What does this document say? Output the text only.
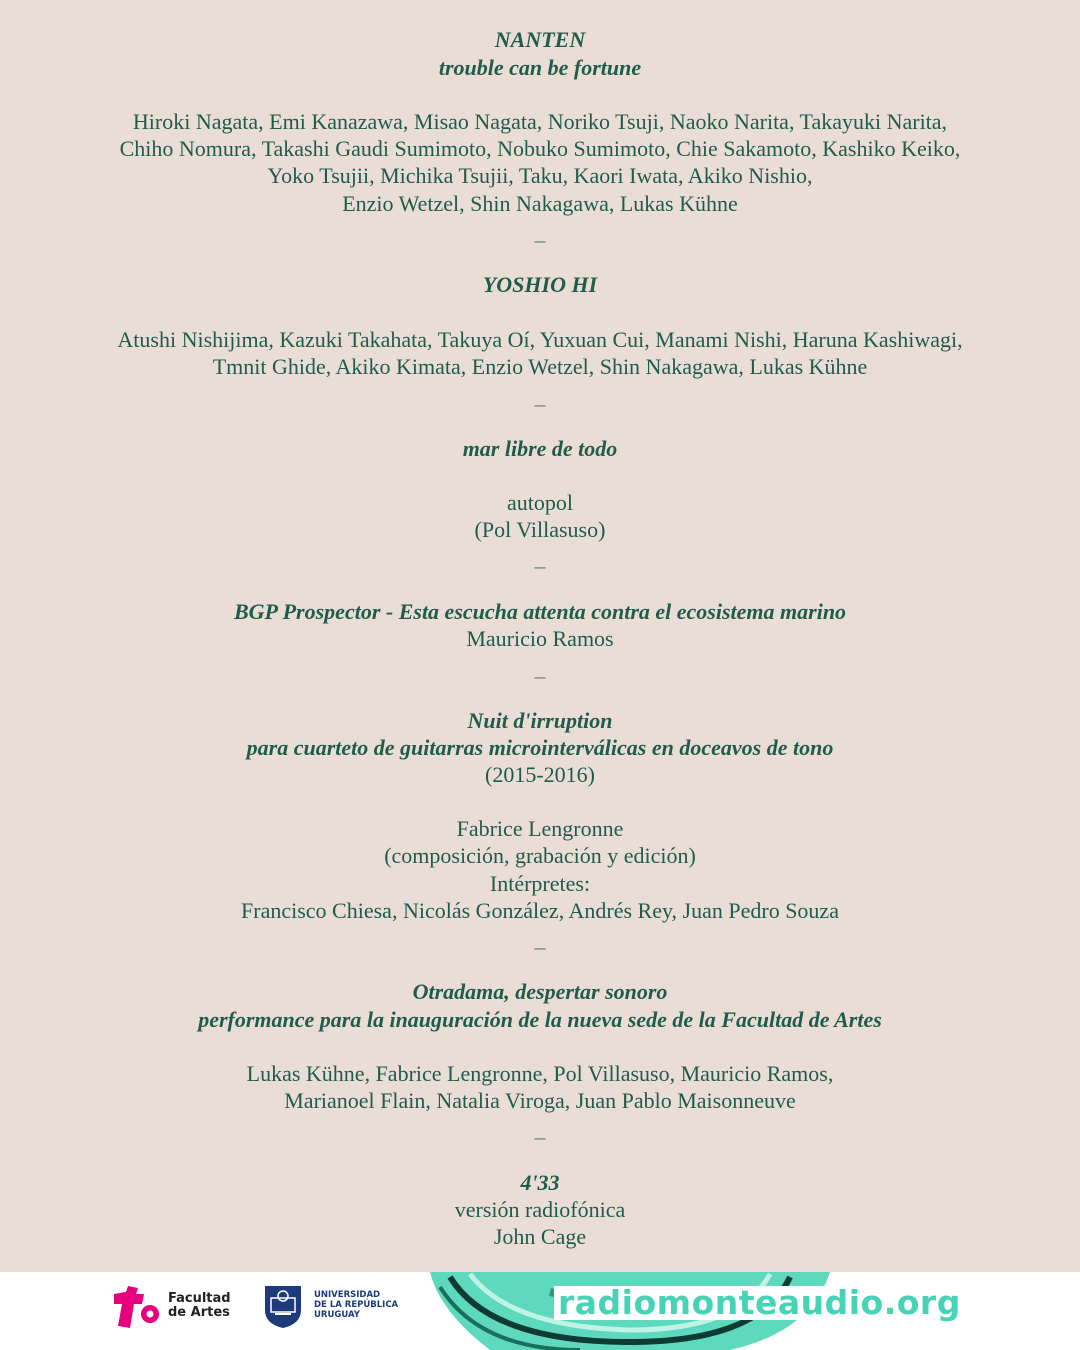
NANTEN
trouble can be fortune
Hiroki Nagata, Emi Kanazawa, Misao Nagata, Noriko Tsuji, Naoko Narita, Takayuki Narita,
Chiho Nomura, Takashi Gaudi Sumimoto, Nobuko Sumimoto, Chie Sakamoto, Kashiko Keiko,
Yoko Tsujii, Michika Tsujii, Taku, Kaori Iwata, Akiko Nishio,
Enzio Wetzel, Shin Nakagawa, Lukas Kühne
–
YOSHIO HI
Atushi Nishijima, Kazuki Takahata, Takuya Oí, Yuxuan Cui, Manami Nishi, Haruna Kashiwagi,
Tmnit Ghide, Akiko Kimata, Enzio Wetzel, Shin Nakagawa, Lukas Kühne
–
mar libre de todo
autopol
(Pol Villasuso)
–
BGP Prospector - Esta escucha attenta contra el ecosistema marino
Mauricio Ramos
–
Nuit d'irruption
para cuarteto de guitarras microinterválicas en doceavos de tono
(2015-2016)
Fabrice Lengronne
(composición, grabación y edición)
Intérpretes:
Francisco Chiesa, Nicolás González, Andrés Rey, Juan Pedro Souza
–
Otradama, despertar sonoro
performance para la inauguración de la nueva sede de la Facultad de Artes
Lukas Kühne, Fabrice Lengronne, Pol Villasuso, Mauricio Ramos,
Marianoel Flain, Natalia Viroga, Juan Pablo Maisonneuve
–
4'33
versión radiofónica
John Cage
Facultad
de Artes
UNIVERSIDAD
DE LA REPÚBLICA
URUGUAY	radiomonteaudio.org
